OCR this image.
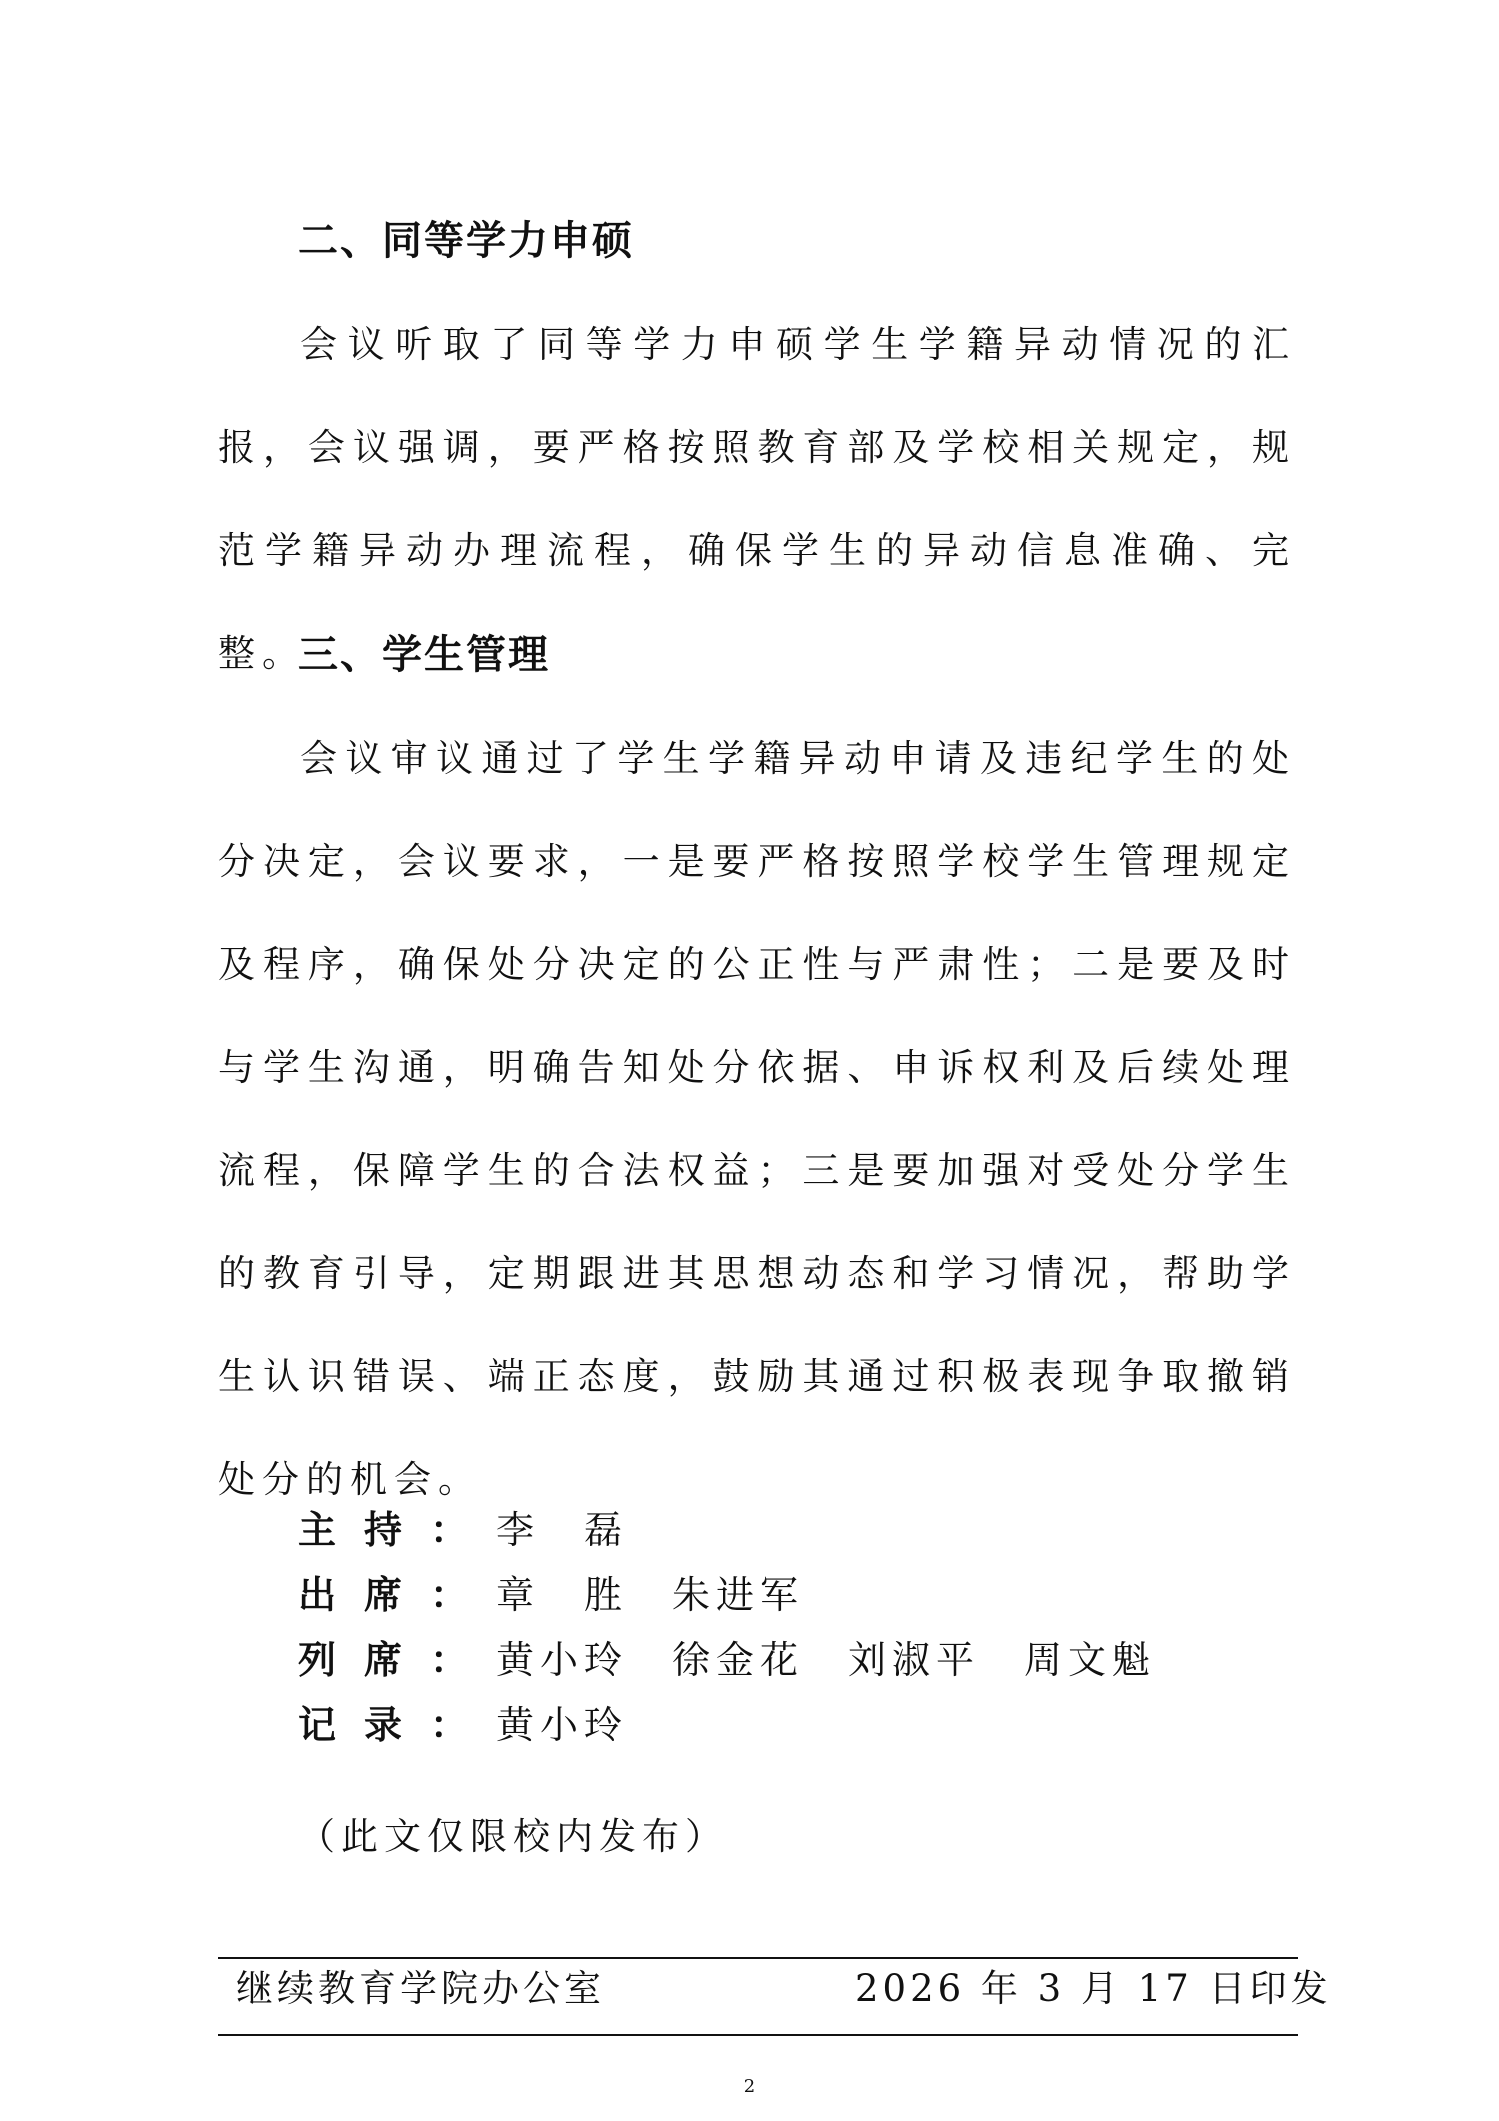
二、同等学力申硕
会议听取了同等学力申硕学生学籍异动情况的汇报，会议强调，要严格按照教育部及学校相关规定，规范学籍异动办理流程，确保学生的异动信息准确、完整。
三、学生管理
会议审议通过了学生学籍异动申请及违纪学生的处分决定，会议要求，一是要严格按照学校学生管理规定及程序，确保处分决定的公正性与严肃性；二是要及时与学生沟通，明确告知处分依据、申诉权利及后续处理流程，保障学生的合法权益；三是要加强对受处分学生的教育引导，定期跟进其思想动态和学习情况，帮助学生认识错误、端正态度，鼓励其通过积极表现争取撤销处分的机会。
主持：李　磊
出席：章　胜　朱进军
列席：黄小玲　徐金花　刘淑平　周文魁
记录：黄小玲
（此文仅限校内发布）
继续教育学院办公室	2026 年 3 月 17 日印发
2
